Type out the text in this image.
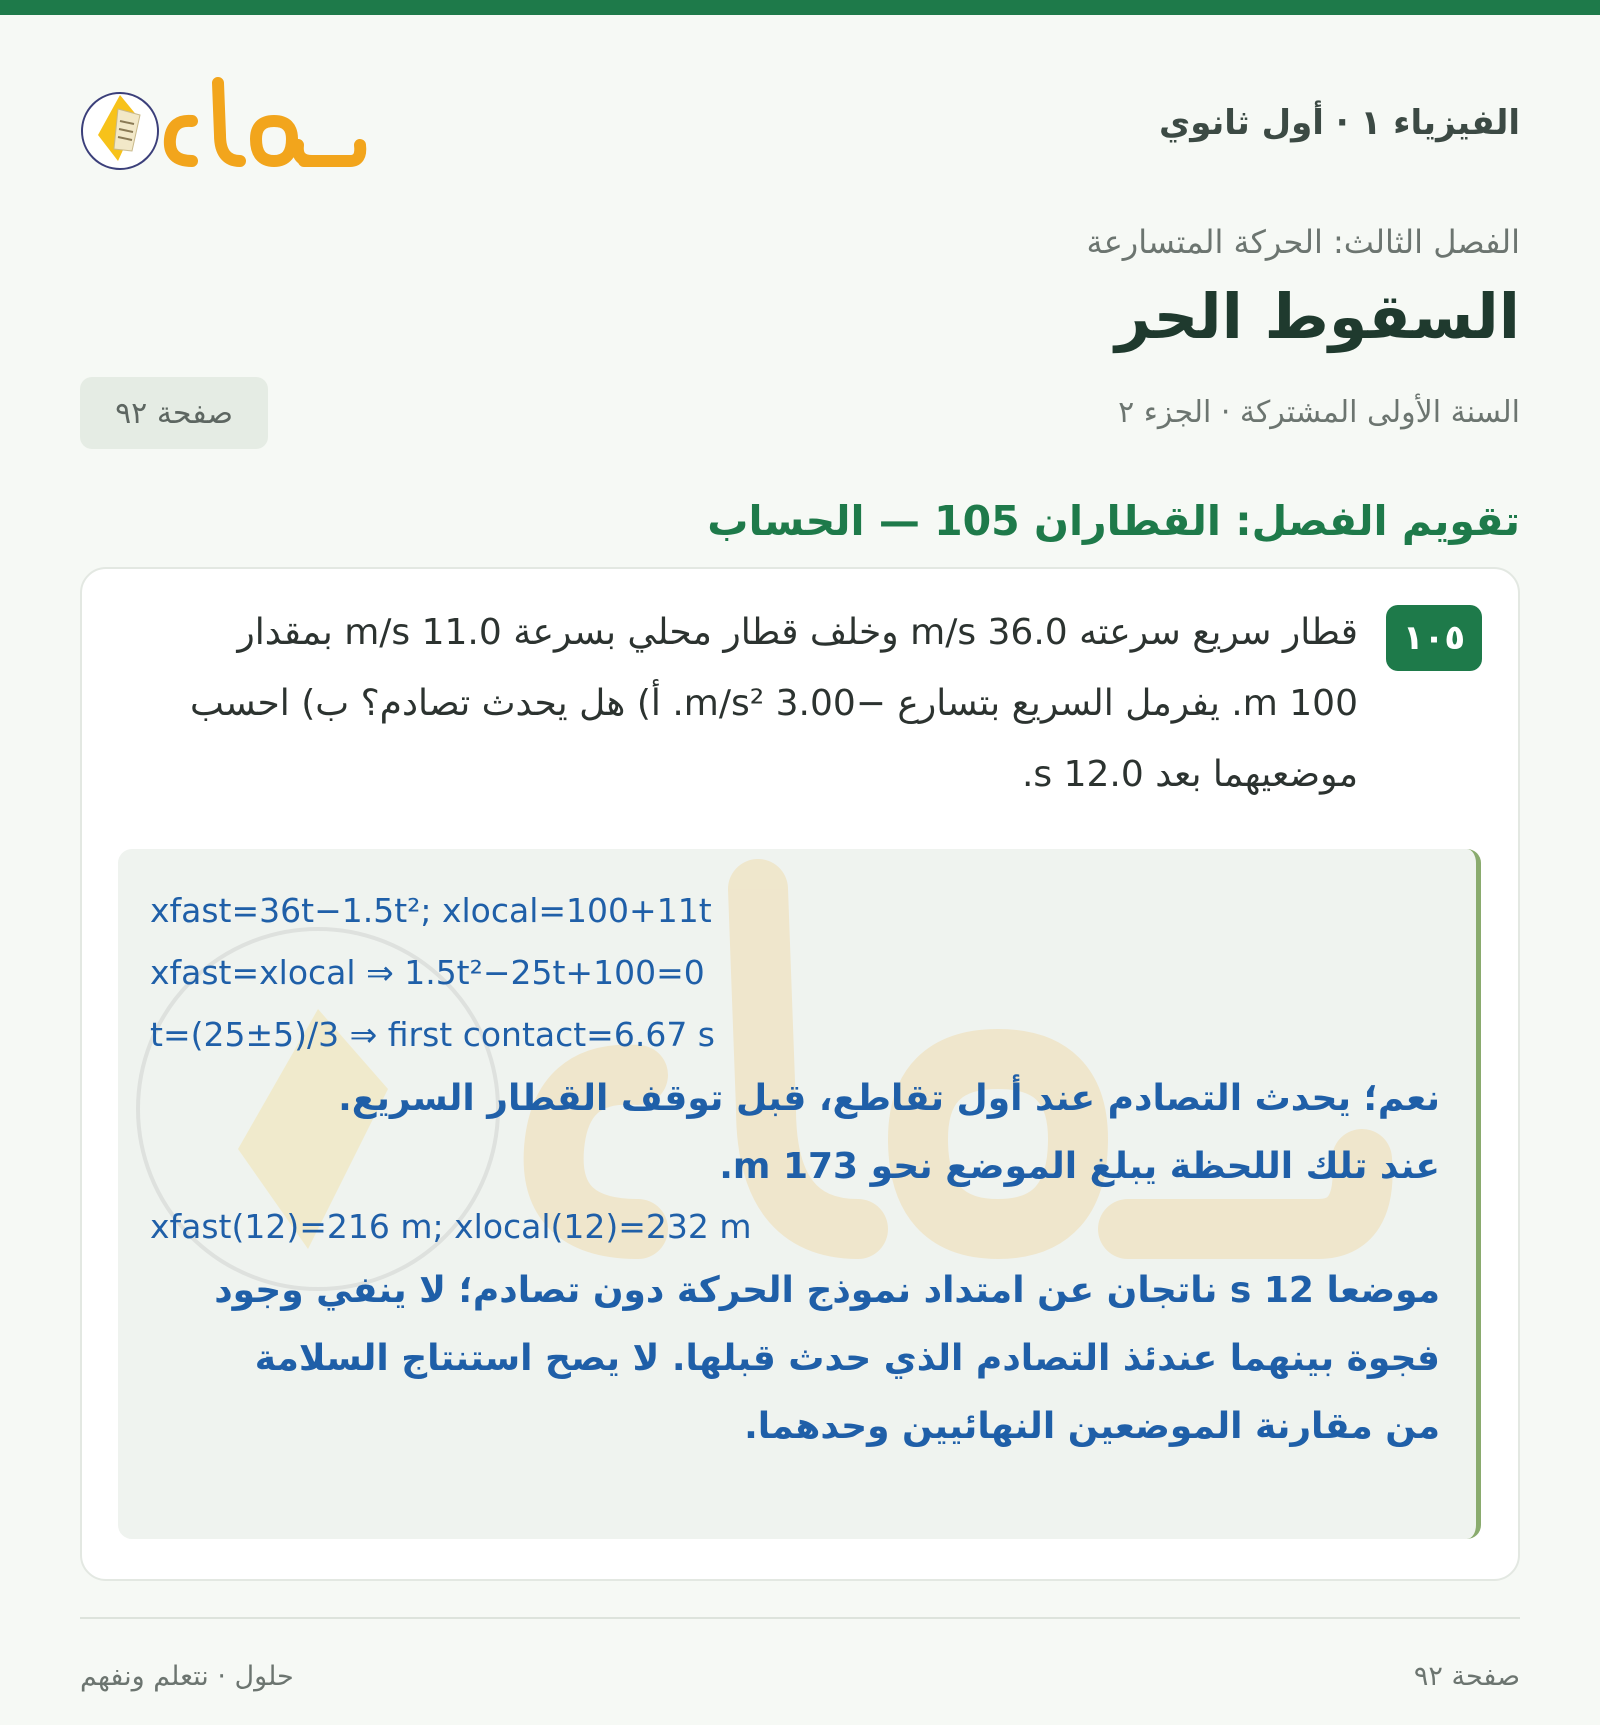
الفيزياء ١ · أول ثانوي
الفصل الثالث: الحركة المتسارعة
السقوط الحر
السنة الأولى المشتركة · الجزء ٢
صفحة ٩٢
تقويم الفصل: القطاران 105 — الحساب
١٠٥
قطار سريع سرعته 36.0 m/s وخلف قطار محلي بسرعة 11.0 m/s بمقدار 100 m. يفرمل السريع بتسارع −3.00 m/s². أ) هل يحدث تصادم؟ ب) احسب موضعيهما بعد 12.0 s.
xfast=36t−1.5t²; xlocal=100+11t
xfast=xlocal ⇒ 1.5t²−25t+100=0
t=(25±5)/3 ⇒ first contact=6.67 s
نعم؛ يحدث التصادم عند أول تقاطع، قبل توقف القطار السريع. عند تلك اللحظة يبلغ الموضع نحو 173 m.
xfast(12)=216 m; xlocal(12)=232 m
موضعا 12 s ناتجان عن امتداد نموذج الحركة دون تصادم؛ لا ينفي وجود فجوة بينهما عندئذ التصادم الذي حدث قبلها. لا يصح استنتاج السلامة من مقارنة الموضعين النهائيين وحدهما.
صفحة ٩٢
حلول · نتعلم ونفهم
